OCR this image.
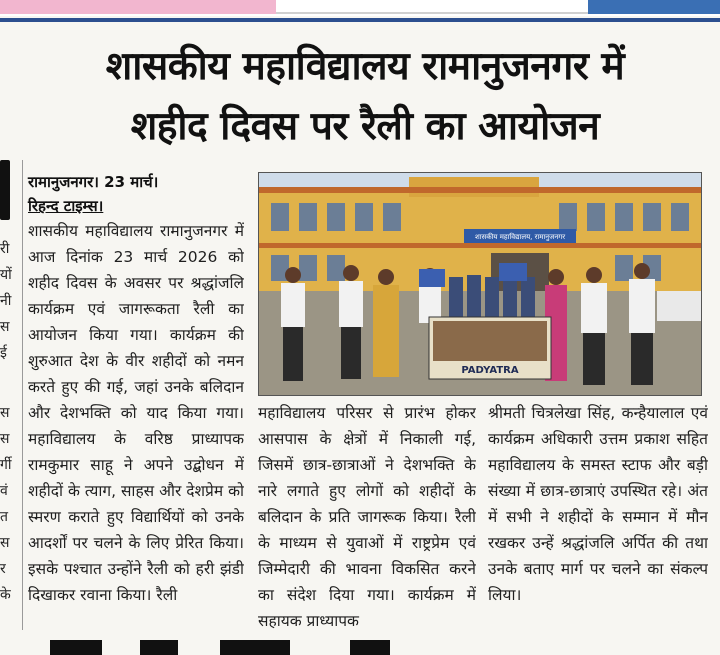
शासकीय महाविद्यालय रामानुजनगर में
शहीद दिवस पर रैली का आयोजन
री
यों
नी
स
ई
स
स
र्गी
वं
त
स
र
के
रामानुजनगर। 23 मार्च।
रिहन्द टाइम्स।
शासकीय महाविद्यालय रामानुजनगर में आज दिनांक 23 मार्च 2026 को शहीद दिवस के अवसर पर श्रद्धांजलि कार्यक्रम एवं जागरूकता रैली का आयोजन किया गया। कार्यक्रम की शुरुआत देश के वीर शहीदों को नमन करते हुए की गई, जहां उनके बलिदान और देशभक्ति को याद किया गया। महाविद्यालय के वरिष्ठ प्राध्यापक रामकुमार साहू ने अपने उद्बोधन में शहीदों के त्याग, साहस और देशप्रेम को स्मरण कराते हुए विद्यार्थियों को उनके आदर्शों पर चलने के लिए प्रेरित किया। इसके पश्चात उन्होंने रैली को हरी झंडी दिखाकर रवाना किया। रैली
महाविद्यालय परिसर से प्रारंभ होकर आसपास के क्षेत्रों में निकाली गई, जिसमें छात्र-छात्राओं ने देशभक्ति के नारे लगाते हुए लोगों को शहीदों के बलिदान के प्रति जागरूक किया। रैली के माध्यम से युवाओं में राष्ट्रप्रेम एवं जिम्मेदारी की भावना विकसित करने का संदेश दिया गया। कार्यक्रम में सहायक प्राध्यापक
श्रीमती चित्रलेखा सिंह, कन्हैयालाल एवं कार्यक्रम अधिकारी उत्तम प्रकाश सहित महाविद्यालय के समस्त स्टाफ और बड़ी संख्या में छात्र-छात्राएं उपस्थित रहे। अंत में सभी ने शहीदों के सम्मान में मौन रखकर उन्हें श्रद्धांजलि अर्पित की तथा उनके बताए मार्ग पर चलने का संकल्प लिया।
शासकीय महाविद्यालय, रामानुजनगर
PADYATRA
